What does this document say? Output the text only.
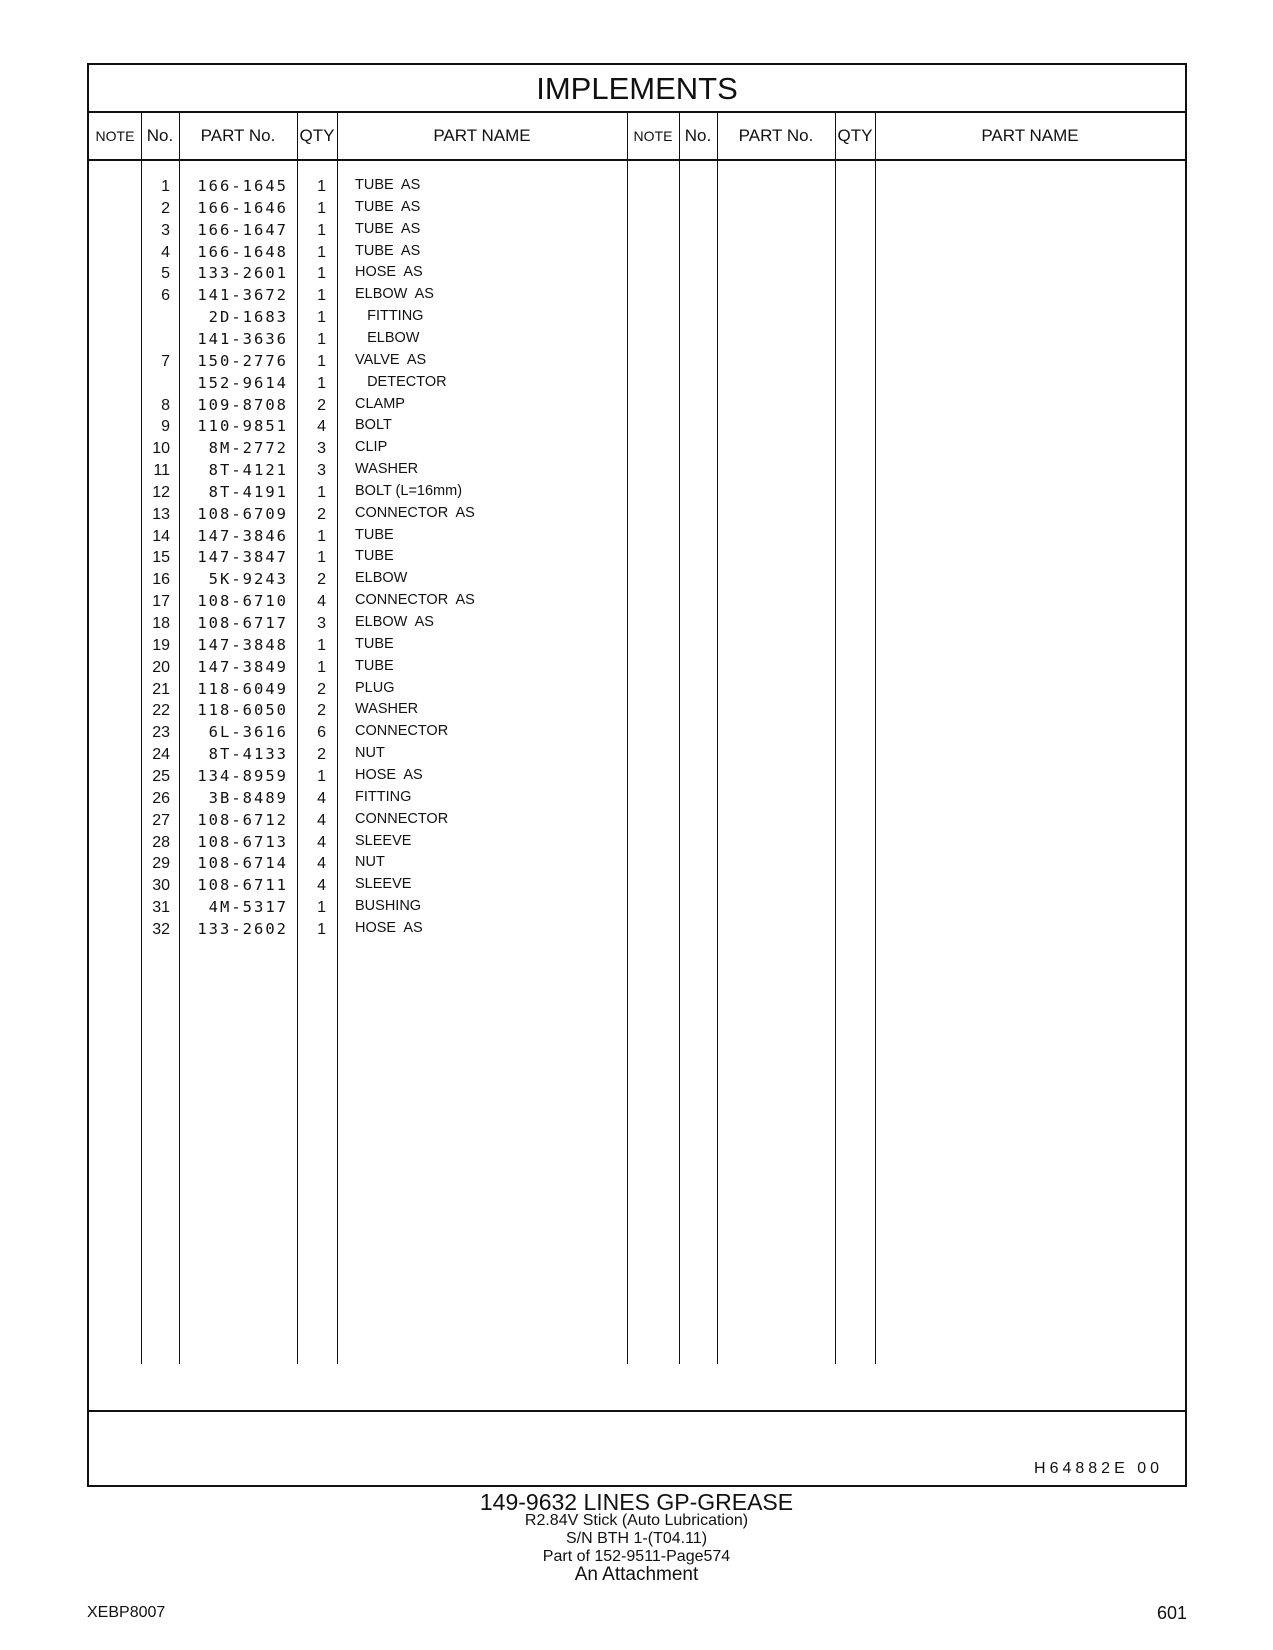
IMPLEMENTS
NOTE No.	PART No.	QTY	PART NAME	NOTE No.	PART No.	QTY	PART NAME
1	166-1645	1 TUBE  AS
2	166-1646	1 TUBE  AS
3	166-1647	1 TUBE  AS
4	166-1648	1 TUBE  AS
5	133-2601	1 HOSE  AS
6	141-3672	1 ELBOW  AS
2D-1683	1 FITTING
141-3636	1 ELBOW
7	150-2776	1 VALVE  AS
152-9614	1 DETECTOR
8	109-8708	2 CLAMP
9	110-9851	4 BOLT
10	8M-2772	3 CLIP
11	8T-4121	3 WASHER
12	8T-4191	1 BOLT (L=16mm)
13	108-6709	2 CONNECTOR  AS
14	147-3846	1 TUBE
15	147-3847	1 TUBE
16	5K-9243	2 ELBOW
17	108-6710	4 CONNECTOR  AS
18	108-6717	3 ELBOW  AS
19	147-3848	1 TUBE
20	147-3849	1 TUBE
21	118-6049	2 PLUG
22	118-6050	2 WASHER
23	6L-3616	6 CONNECTOR
24	8T-4133	2 NUT
25	134-8959	1 HOSE  AS
26	3B-8489	4 FITTING
27	108-6712	4 CONNECTOR
28	108-6713	4 SLEEVE
29	108-6714	4 NUT
30	108-6711	4 SLEEVE
31	4M-5317	1 BUSHING
32	133-2602	1 HOSE  AS
H64882E 00
149-9632 LINES GP-GREASE
R2.84V Stick (Auto Lubrication)
S/N BTH 1-(T04.11)
Part of 152-9511-Page574
An Attachment
XEBP8007	601
